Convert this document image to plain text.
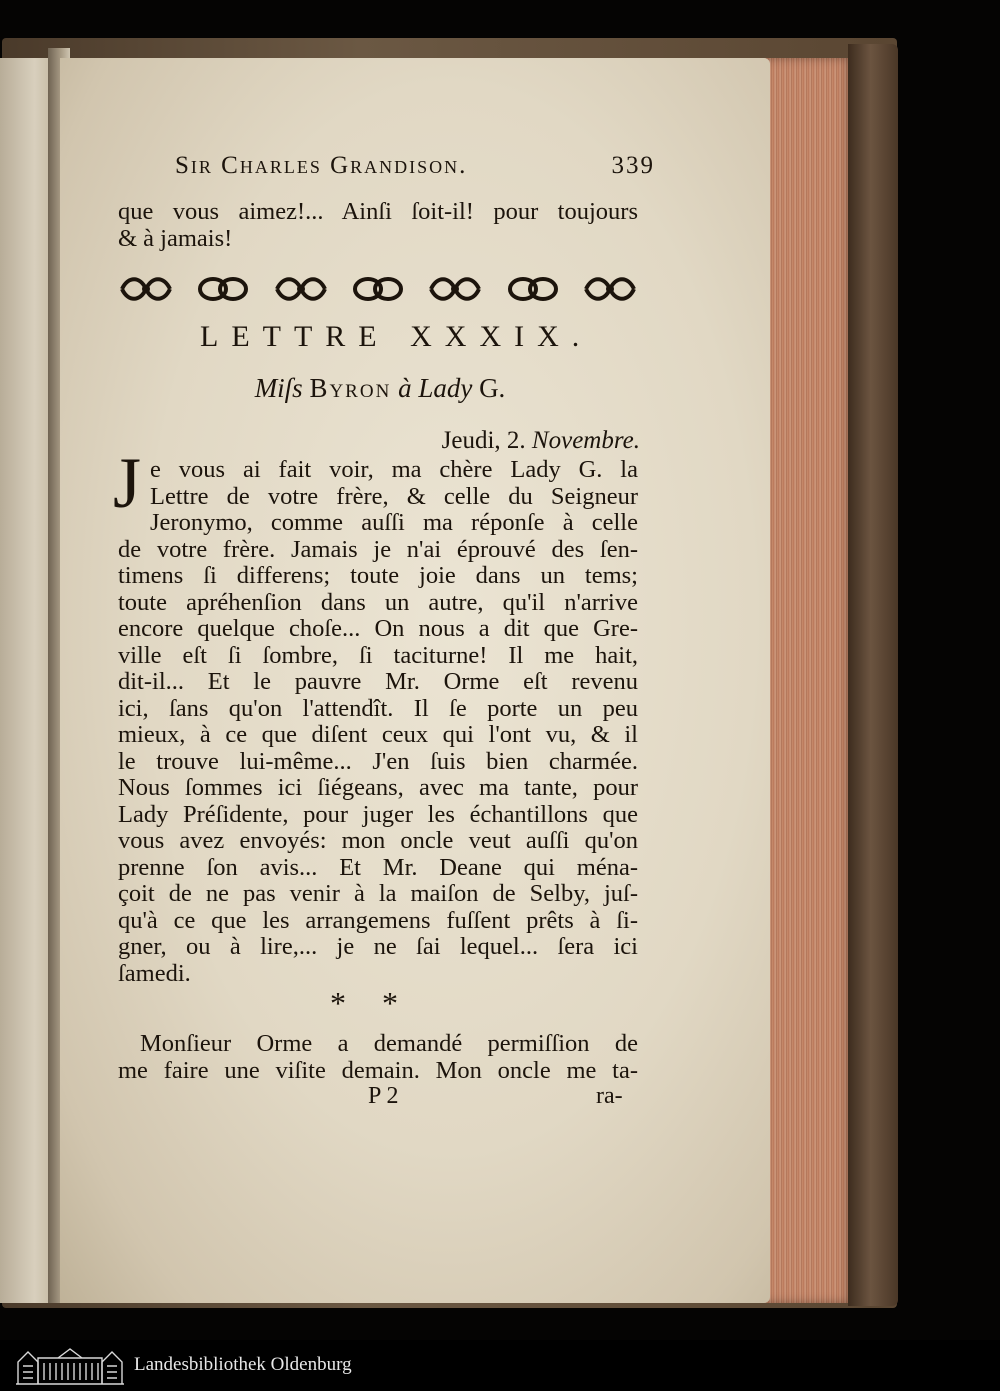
Sir Charles Grandison.	339
que vous aimez!... Ainſi ſoit-il! pour toujours
& à jamais!
LETTRE XXXIX.
Miſs Byron à Lady G.
Jeudi, 2. Novembre.
J e vous ai fait voir, ma chère Lady G. la
Lettre de votre frère, & celle du Seigneur
Jeronymo, comme auſſi ma réponſe à celle
de votre frère. Jamais je n'ai éprouvé des ſen-
timens ſi differens; toute joie dans un tems;
toute apréhenſion dans un autre, qu'il n'arrive
encore quelque choſe... On nous a dit que Gre-
ville eſt ſi ſombre, ſi taciturne! Il me hait,
dit-il... Et le pauvre Mr. Orme eſt revenu
ici, ſans qu'on l'attendît. Il ſe porte un peu
mieux, à ce que diſent ceux qui l'ont vu, & il
le trouve lui-même... J'en ſuis bien charmée.
Nous ſommes ici ſiégeans, avec ma tante, pour
Lady Préſidente, pour juger les échantillons que
vous avez envoyés: mon oncle veut auſſi qu'on
prenne ſon avis... Et Mr. Deane qui ména-
çoit de ne pas venir à la maiſon de Selby, juſ-
qu'à ce que les arrangemens fuſſent prêts à ſi-
gner, ou à lire,... je ne ſai lequel... ſera ici
ſamedi.
* *
Monſieur Orme a demandé permiſſion de
me faire une viſite demain. Mon oncle me ta-
P 2	ra-
Landesbibliothek Oldenburg
